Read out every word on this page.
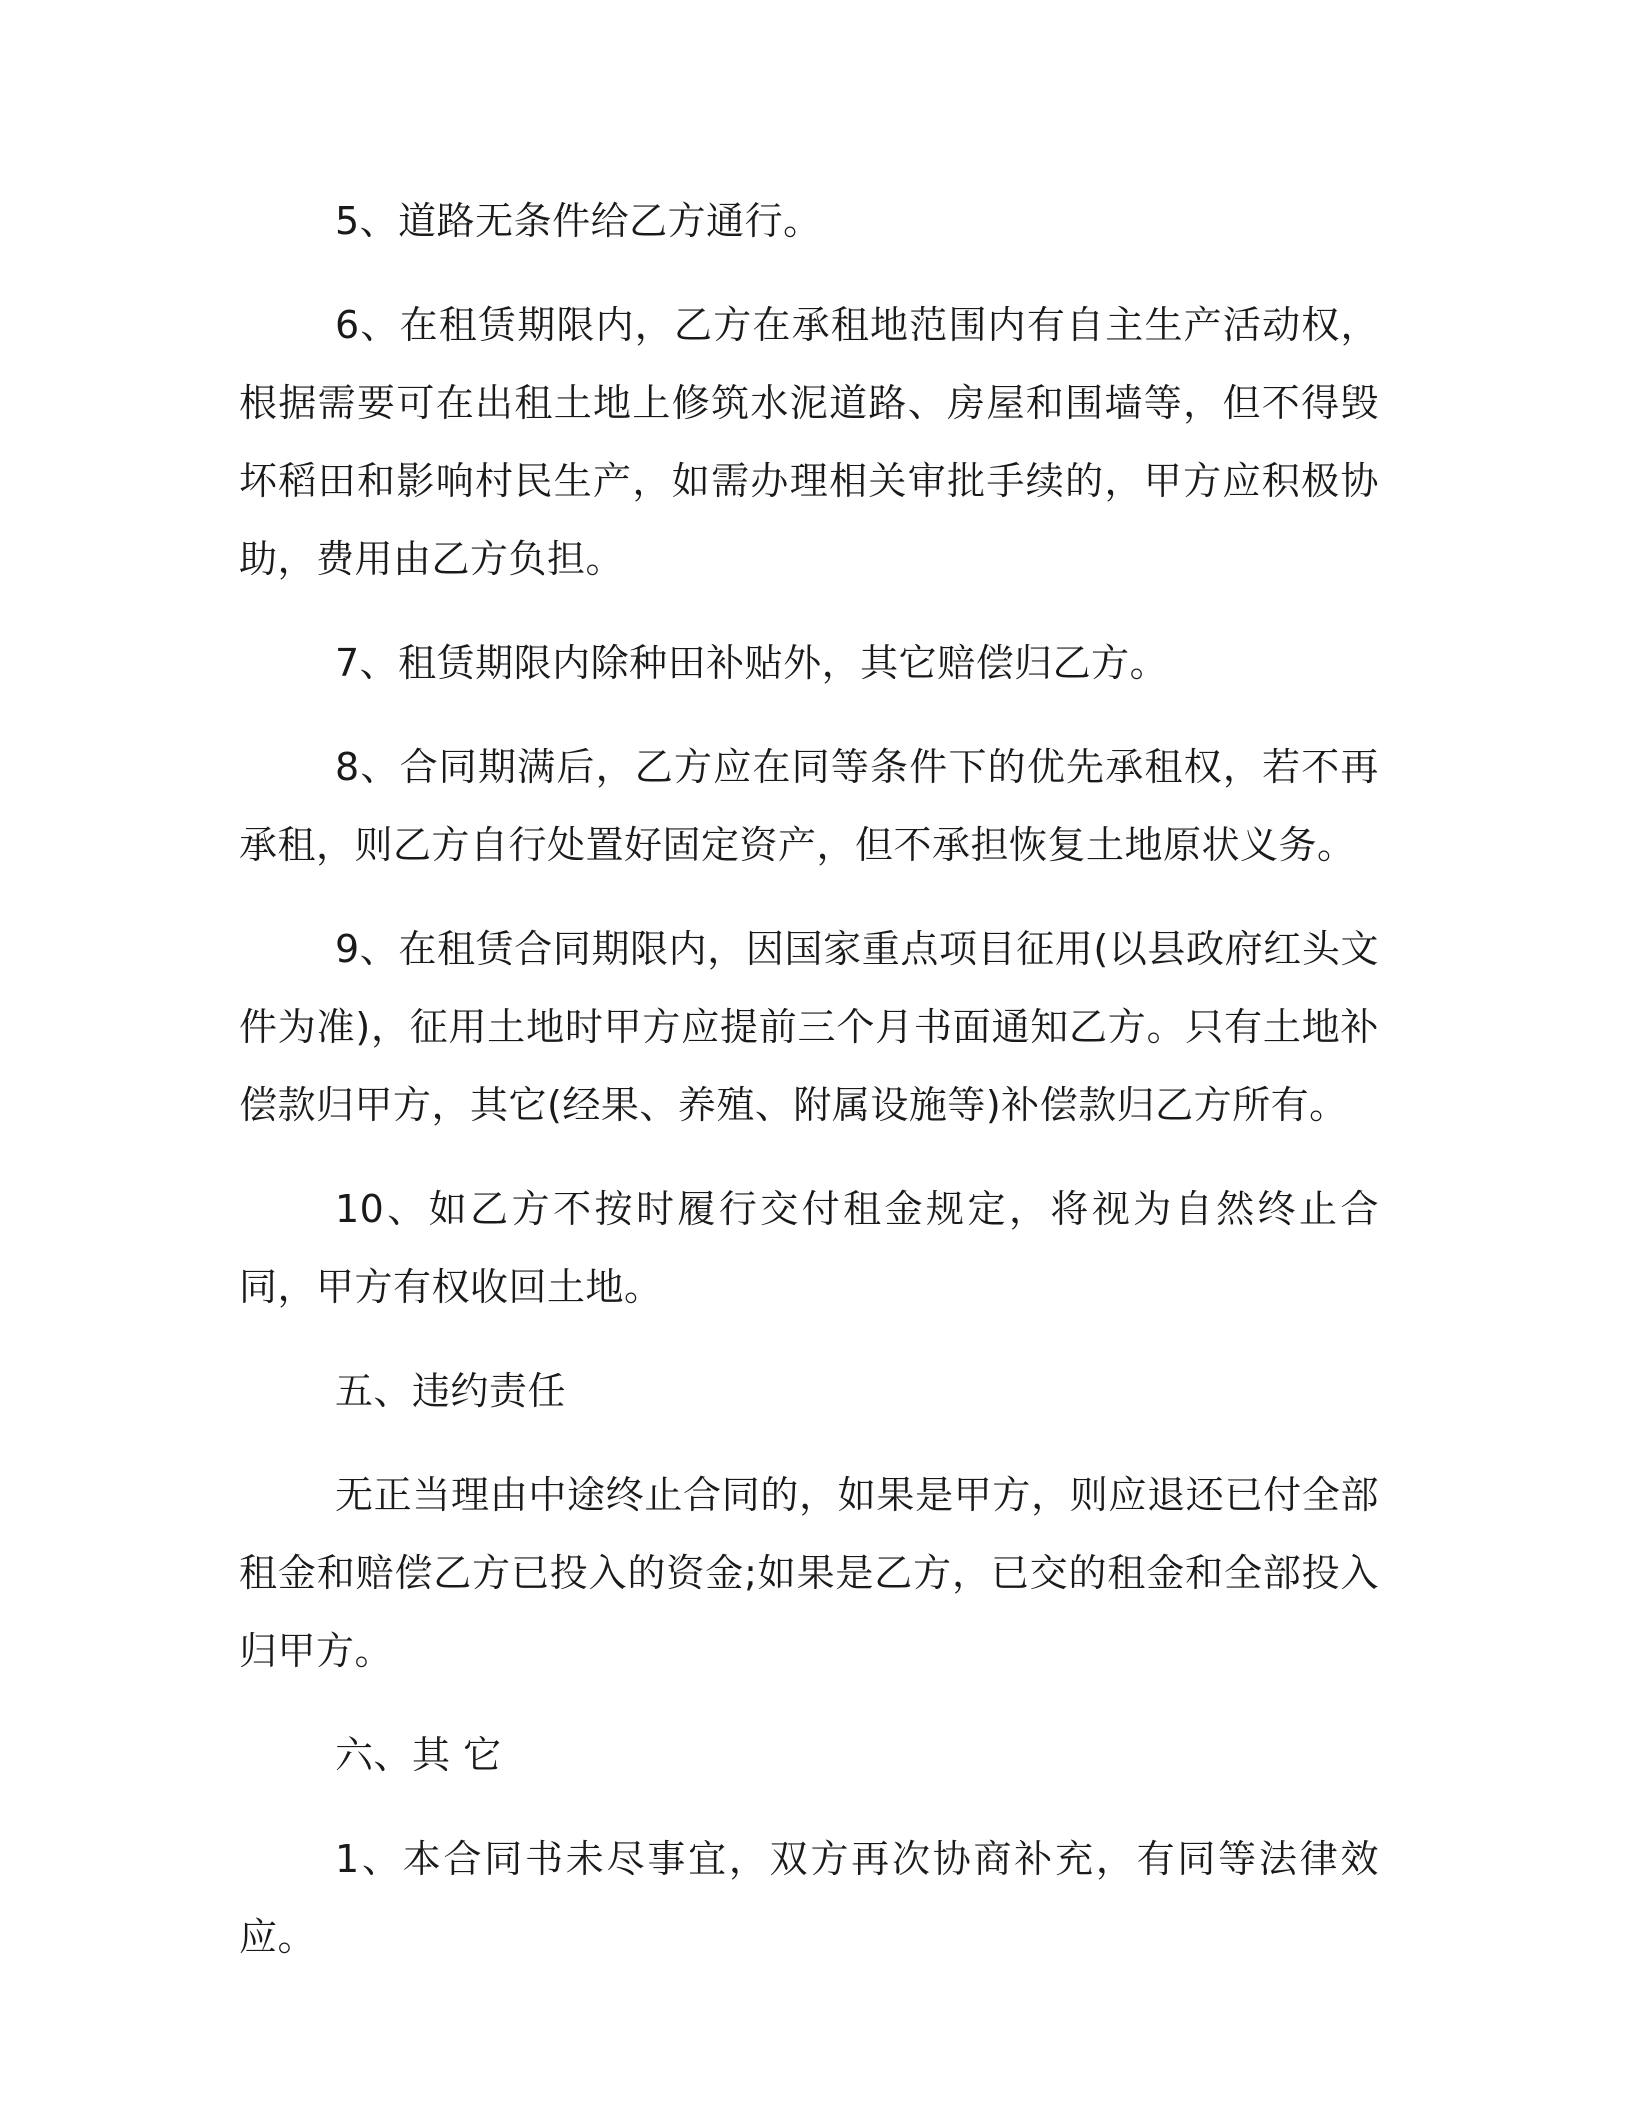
5、道路无条件给乙方通行。

6、在租赁期限内，乙方在承租地范围内有自主生产活动权，根据需要可在出租土地上修筑水泥道路、房屋和围墙等，但不得毁坏稻田和影响村民生产，如需办理相关审批手续的，甲方应积极协助，费用由乙方负担。

7、租赁期限内除种田补贴外，其它赔偿归乙方。

8、合同期满后，乙方应在同等条件下的优先承租权，若不再承租，则乙方自行处置好固定资产，但不承担恢复土地原状义务。

9、在租赁合同期限内，因国家重点项目征用(以县政府红头文件为准)，征用土地时甲方应提前三个月书面通知乙方。只有土地补偿款归甲方，其它(经果、养殖、附属设施等)补偿款归乙方所有。

10、如乙方不按时履行交付租金规定，将视为自然终止合同，甲方有权收回土地。

五、违约责任

无正当理由中途终止合同的，如果是甲方，则应退还已付全部租金和赔偿乙方已投入的资金;如果是乙方，已交的租金和全部投入归甲方。

六、其 它

1、本合同书未尽事宜，双方再次协商补充，有同等法律效应。
